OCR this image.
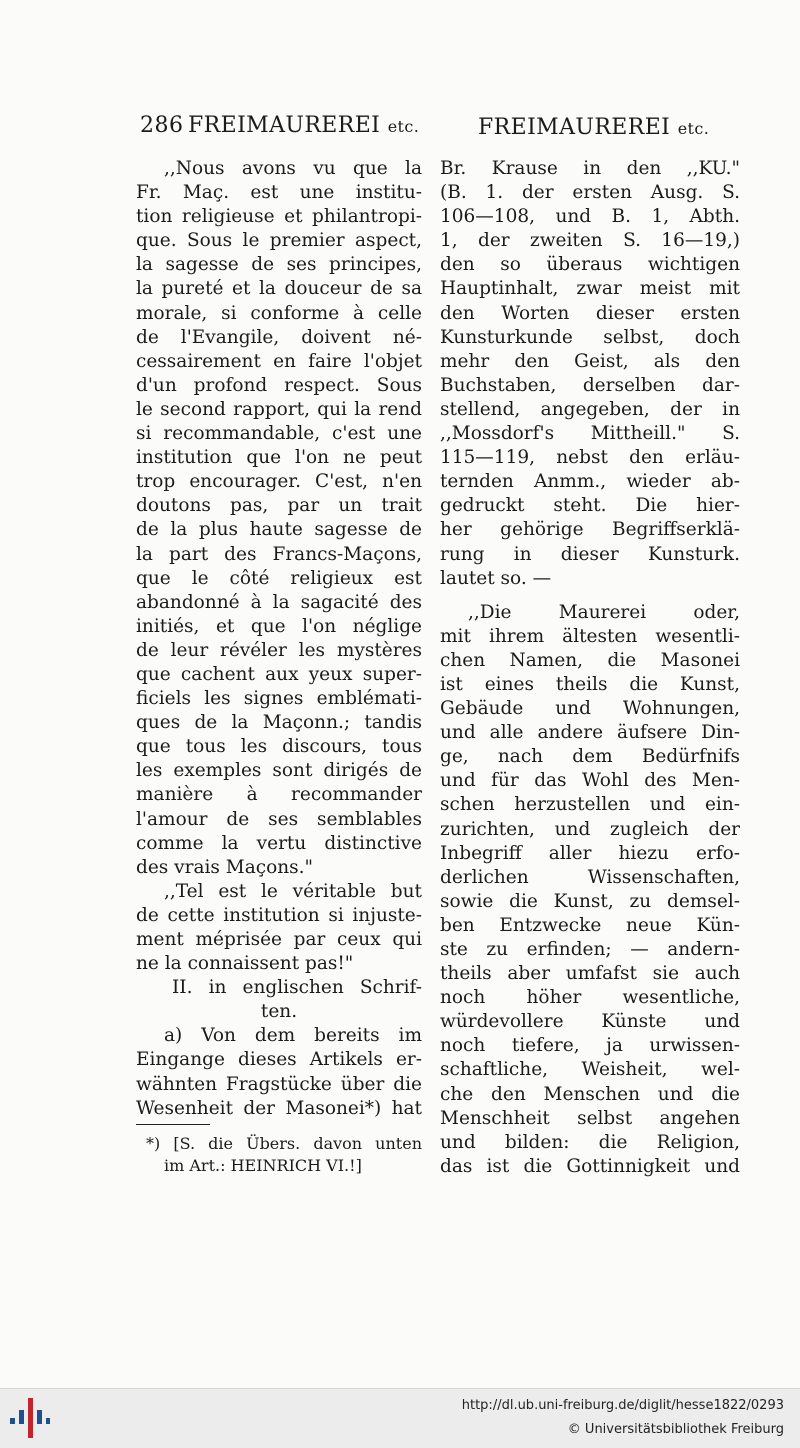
286 FREIMAUREREI etc.	FREIMAUREREI etc.
,,Nous avons vu que la
Fr. Maç. est une institu-
tion religieuse et philantropi-
que. Sous le premier aspect,
la sagesse de ses principes,
la pureté et la douceur de sa
morale, si conforme à celle
de l'Evangile, doivent né-
cessairement en faire l'objet
d'un profond respect. Sous
le second rapport, qui la rend
si recommandable, c'est une
institution que l'on ne peut
trop encourager. C'est, n'en
doutons pas, par un trait
de la plus haute sagesse de
la part des Francs-Maçons,
que le côté religieux est
abandonné à la sagacité des
initiés, et que l'on néglige
de leur révéler les mystères
que cachent aux yeux super-
ficiels les signes emblémati-
ques de la Maçonn.; tandis
que tous les discours, tous
les exemples sont dirigés de
manière à recommander
l'amour de ses semblables
comme la vertu distinctive
des vrais Maçons."
,,Tel est le véritable but
de cette institution si injuste-
ment méprisée par ceux qui
ne la connaissent pas!"
II. in englischen Schrif-
ten.
a) Von dem bereits im
Eingange dieses Artikels er-
wähnten Fragstücke über die
Wesenheit der Masonei*) hat
*) [S. die Übers. davon unten
im Art.: HEINRICH VI.!]
Br. Krause in den ,,KU."
(B. 1. der ersten Ausg. S.
106—108, und B. 1, Abth.
1, der zweiten S. 16—19,)
den so überaus wichtigen
Hauptinhalt, zwar meist mit
den Worten dieser ersten
Kunsturkunde selbst, doch
mehr den Geist, als den
Buchstaben, derselben dar-
stellend, angegeben, der in
,,Mossdorf's Mittheill." S.
115—119, nebst den erläu-
ternden Anmm., wieder ab-
gedruckt steht. Die hier-
her gehörige Begriffserklä-
rung in dieser Kunsturk.
lautet so. —
,,Die Maurerei oder,
mit ihrem ältesten wesentli-
chen Namen, die Masonei
ist eines theils die Kunst,
Gebäude und Wohnungen,
und alle andere äufsere Din-
ge, nach dem Bedürfnifs
und für das Wohl des Men-
schen herzustellen und ein-
zurichten, und zugleich der
Inbegriff aller hiezu erfo-
derlichen Wissenschaften,
sowie die Kunst, zu demsel-
ben Entzwecke neue Kün-
ste zu erfinden; — andern-
theils aber umfafst sie auch
noch höher wesentliche,
würdevollere Künste und
noch tiefere, ja urwissen-
schaftliche, Weisheit, wel-
che den Menschen und die
Menschheit selbst angehen
und bilden: die Religion,
das ist die Gottinnigkeit und
http://dl.ub.uni-freiburg.de/diglit/hesse1822/0293
© Universitätsbibliothek Freiburg
